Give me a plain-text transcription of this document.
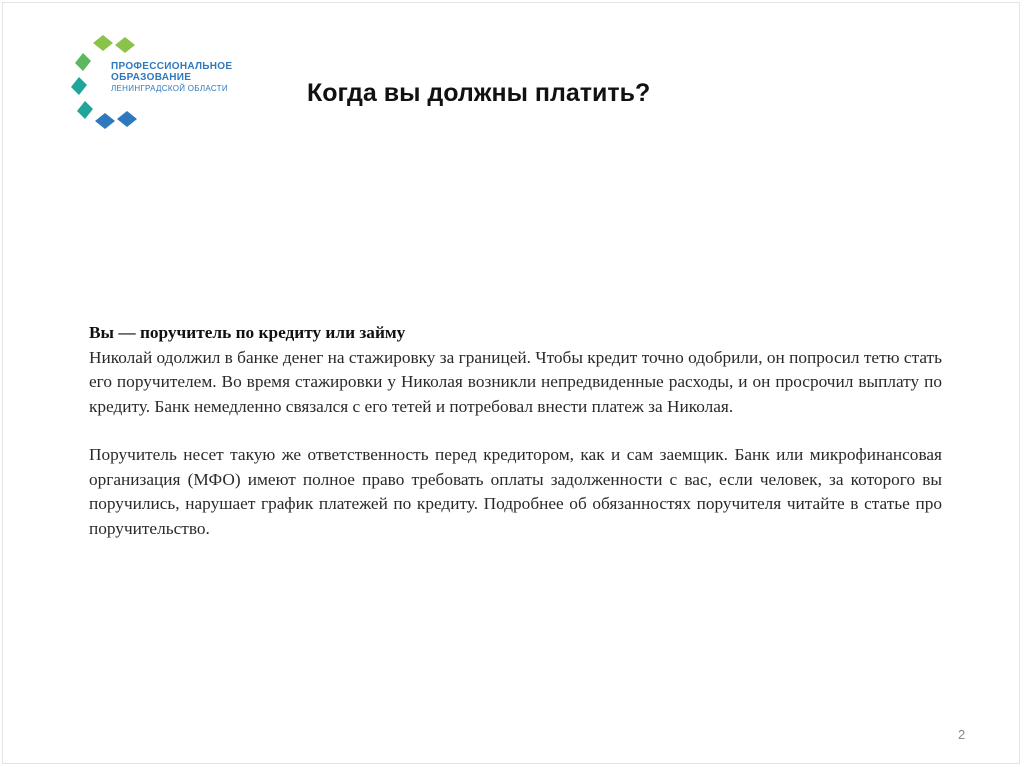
ПРОФЕССИОНАЛЬНОЕ
ОБРАЗОВАНИЕ
ЛЕНИНГРАДСКОЙ ОБЛАСТИ	Когда вы должны платить?

Вы — поручитель по кредиту или займу

Николай одолжил в банке денег на стажировку за границей. Чтобы кредит точно одобрили, он попросил тетю стать его поручителем. Во время стажировки у Николая возникли непредвиденные расходы, и он просрочил выплату по кредиту. Банк немедленно связался с его тетей и потребовал внести платеж за Николая.

Поручитель несет такую же ответственность перед кредитором, как и сам заемщик. Банк или микрофинансовая организация (МФО) имеют полное право требовать оплаты задолженности с вас, если человек, за которого вы поручились, нарушает график платежей по кредиту. Подробнее об обязанностях поручителя читайте в статье про поручительство.

2
